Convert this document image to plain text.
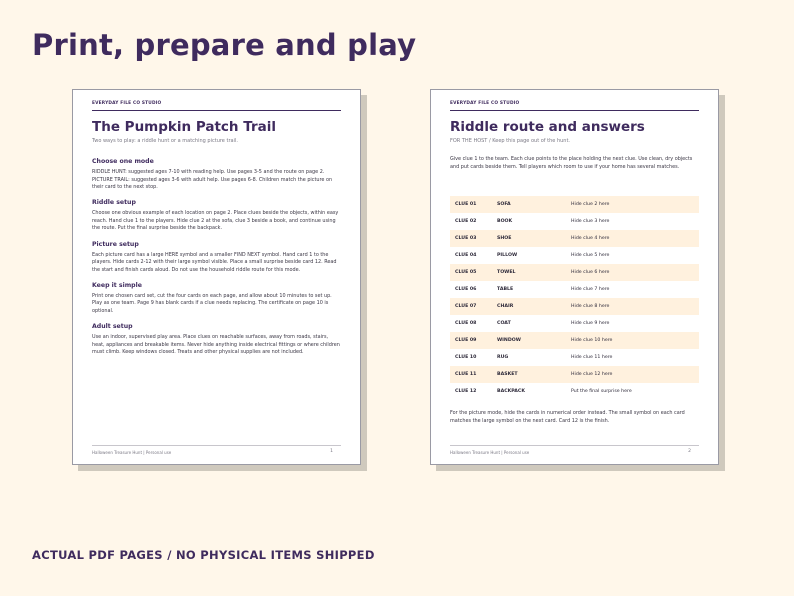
Print, prepare and play
EVERYDAY FILE CO STUDIO
The Pumpkin Patch Trail
Two ways to play: a riddle hunt or a matching picture trail.
Choose one mode
RIDDLE HUNT: suggested ages 7-10 with reading help. Use pages 3-5 and the route on page 2. PICTURE TRAIL: suggested ages 3-6 with adult help. Use pages 6-8. Children match the picture on their card to the next stop.
Riddle setup
Choose one obvious example of each location on page 2. Place clues beside the objects, within easy reach. Hand clue 1 to the players. Hide clue 2 at the sofa, clue 3 beside a book, and continue using the route. Put the final surprise beside the backpack.
Picture setup
Each picture card has a large HERE symbol and a smaller FIND NEXT symbol. Hand card 1 to the players. Hide cards 2-12 with their large symbol visible. Place a small surprise beside card 12. Read the start and finish cards aloud. Do not use the household riddle route for this mode.
Keep it simple
Print one chosen card set, cut the four cards on each page, and allow about 10 minutes to set up. Play as one team. Page 9 has blank cards if a clue needs replacing. The certificate on page 10 is optional.
Adult setup
Use an indoor, supervised play area. Place clues on reachable surfaces, away from roads, stairs, heat, appliances and breakable items. Never hide anything inside electrical fittings or where children must climb. Keep windows closed. Treats and other physical supplies are not included.
Halloween Treasure Hunt | Personal use	1
EVERYDAY FILE CO STUDIO
Riddle route and answers
FOR THE HOST / Keep this page out of the hunt.
Give clue 1 to the team. Each clue points to the place holding the next clue. Use clean, dry objects and put cards beside them. Tell players which room to use if your home has several matches.
CLUE 01	SOFA	Hide clue 2 here
CLUE 02	BOOK	Hide clue 3 here
CLUE 03	SHOE	Hide clue 4 here
CLUE 04	PILLOW	Hide clue 5 here
CLUE 05	TOWEL	Hide clue 6 here
CLUE 06	TABLE	Hide clue 7 here
CLUE 07	CHAIR	Hide clue 8 here
CLUE 08	COAT	Hide clue 9 here
CLUE 09	WINDOW	Hide clue 10 here
CLUE 10	RUG	Hide clue 11 here
CLUE 11	BASKET	Hide clue 12 here
CLUE 12	BACKPACK	Put the final surprise here
For the picture mode, hide the cards in numerical order instead. The small symbol on each card matches the large symbol on the next card. Card 12 is the finish.
Halloween Treasure Hunt | Personal use	2
ACTUAL PDF PAGES / NO PHYSICAL ITEMS SHIPPED
